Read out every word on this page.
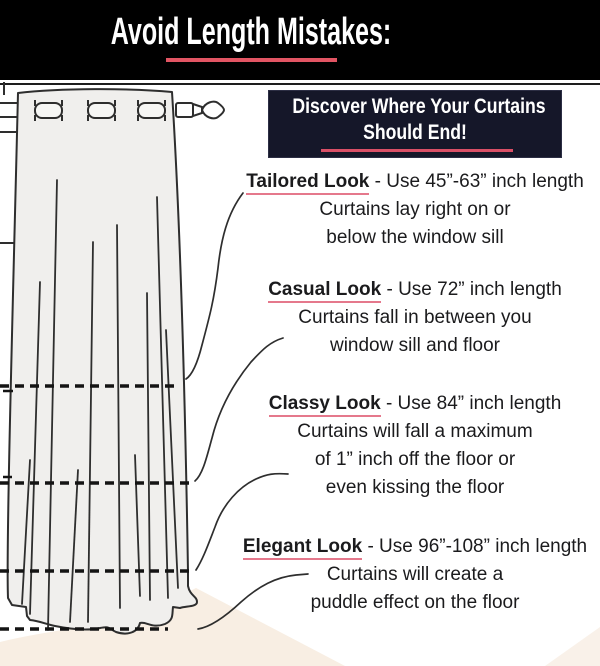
Avoid Length Mistakes:
Discover Where Your Curtains
Should End!
Tailored Look - Use 45”-63” inch length
Curtains lay right on or
below the window sill
Casual Look - Use 72” inch length
Curtains fall in between you
window sill and floor
Classy Look - Use 84” inch length
Curtains will fall a maximum
of 1” inch off the floor or
even kissing the floor
Elegant Look - Use 96”-108” inch length
Curtains will create a
puddle effect on the floor
